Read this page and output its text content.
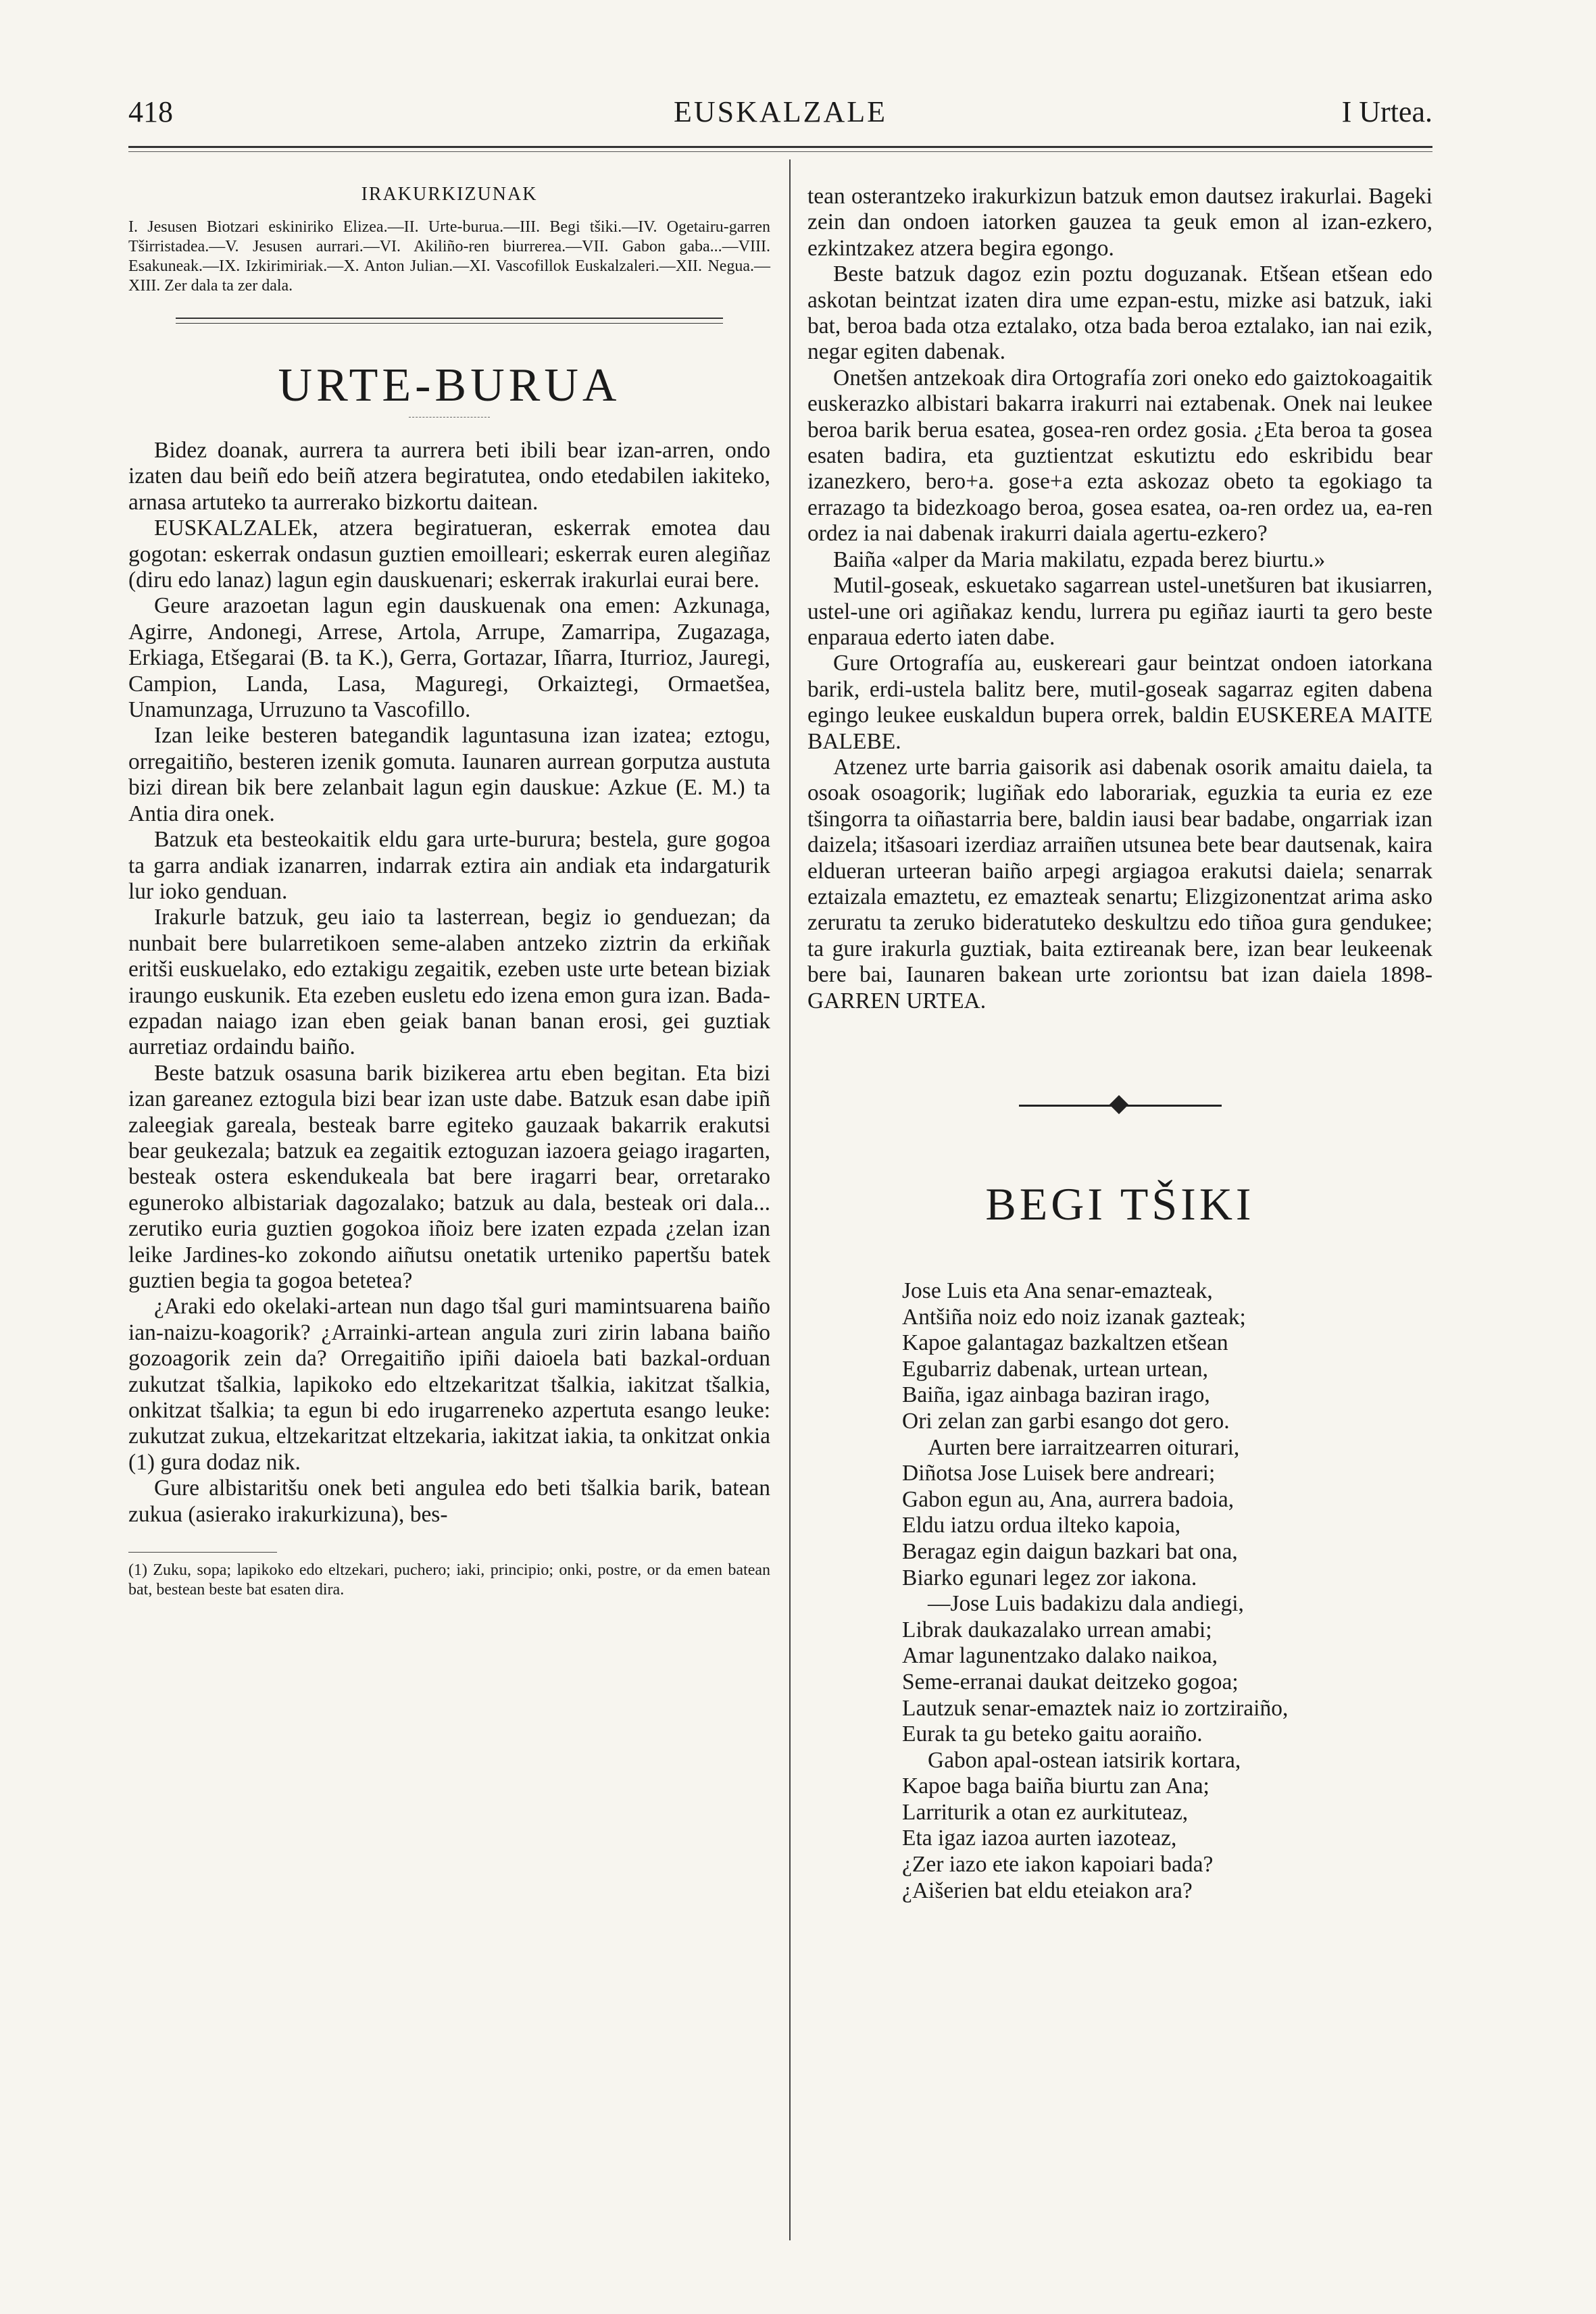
418	EUSKALZALE	I Urtea.
IRAKURKIZUNAK

I. Jesusen Biotzari eskiniriko Elizea.—II. Urte-burua.—III. Begi tšiki.—IV. Ogetairu-garren Tširristadea.—V. Jesusen aurrari.—VI. Akiliño-ren biurrerea.—VII. Gabon gaba...—VIII. Esakuneak.—IX. Izkirimiriak.—X. Anton Julian.—XI. Vascofillok Euskalzaleri.—XII. Negua.—XIII. Zer dala ta zer dala.

URTE-BURUA

Bidez doanak, aurrera ta aurrera beti ibili bear izan-arren, ondo izaten dau beiñ edo beiñ atzera begiratutea, ondo etedabilen iakiteko, arnasa artuteko ta aurrerako bizkortu daitean.

EUSKALZALEk, atzera begiratueran, eskerrak emotea dau gogotan: eskerrak ondasun guztien emoilleari; eskerrak euren alegiñaz (diru edo lanaz) lagun egin dauskuenari; eskerrak irakurlai eurai bere.

Geure arazoetan lagun egin dauskuenak ona emen: Azkunaga, Agirre, Andonegi, Arrese, Artola, Arrupe, Zamarripa, Zugazaga, Erkiaga, Etšegarai (B. ta K.), Gerra, Gortazar, Iñarra, Iturrioz, Jauregi, Campion, Landa, Lasa, Maguregi, Orkaiztegi, Ormaetšea, Unamunzaga, Urruzuno ta Vascofillo.

Izan leike besteren bategandik laguntasuna izan izatea; eztogu, orregaitiño, besteren izenik gomuta. Iaunaren aurrean gorputza austuta bizi direan bik bere zelanbait lagun egin dauskue: Azkue (E. M.) ta Antia dira onek.

Batzuk eta besteokaitik eldu gara urte-burura; bestela, gure gogoa ta garra andiak izanarren, indarrak eztira ain andiak eta indargaturik lur ioko genduan.

Irakurle batzuk, geu iaio ta lasterrean, begiz io genduezan; da nunbait bere bularretikoen seme-alaben antzeko ziztrin da erkiñak eritši euskuelako, edo eztakigu zegaitik, ezeben uste urte betean biziak iraungo euskunik. Eta ezeben eusletu edo izena emon gura izan. Bada-ezpadan naiago izan eben geiak banan banan erosi, gei guztiak aurretiaz ordaindu baiño.

Beste batzuk osasuna barik bizikerea artu eben begitan. Eta bizi izan gareanez eztogula bizi bear izan uste dabe. Batzuk esan dabe ipiñ zaleegiak gareala, besteak barre egiteko gauzaak bakarrik erakutsi bear geukezala; batzuk ea zegaitik eztoguzan iazoera geiago iragarten, besteak ostera eskendukeala bat bere iragarri bear, orretarako eguneroko albistariak dagozalako; batzuk au dala, besteak ori dala... zerutiko euria guztien gogokoa iñoiz bere izaten ezpada ¿zelan izan leike Jardines-ko zokondo aiñutsu onetatik urteniko papertšu batek guztien begia ta gogoa betetea?

¿Araki edo okelaki-artean nun dago tšal guri mamintsuarena baiño ian-naizu-koagorik? ¿Arrainki-artean angula zuri zirin labana baiño gozoagorik zein da? Orregaitiño ipiñi daioela bati bazkal-orduan zukutzat tšalkia, lapikoko edo eltzekaritzat tšalkia, iakitzat tšalkia, onkitzat tšalkia; ta egun bi edo irugarreneko azpertuta esango leuke: zukutzat zukua, eltzekaritzat eltzekaria, iakitzat iakia, ta onkitzat onkia (1) gura dodaz nik.

Gure albistaritšu onek beti angulea edo beti tšalkia barik, batean zukua (asierako irakurkizuna), bes-

(1) Zuku, sopa; lapikoko edo eltzekari, puchero; iaki, principio; onki, postre, or da emen batean bat, bestean beste bat esaten dira.

tean osterantzeko irakurkizun batzuk emon dautsez irakurlai. Bageki zein dan ondoen iatorken gauzea ta geuk emon al izan-ezkero, ezkintzakez atzera begira egongo.

Beste batzuk dagoz ezin poztu doguzanak. Etšean etšean edo askotan beintzat izaten dira ume ezpan-estu, mizke asi batzuk, iaki bat, beroa bada otza eztalako, otza bada beroa eztalako, ian nai ezik, negar egiten dabenak.

Onetšen antzekoak dira Ortografía zori oneko edo gaiztokoagaitik euskerazko albistari bakarra irakurri nai eztabenak. Onek nai leukee beroa barik berua esatea, gosea-ren ordez gosia. ¿Eta beroa ta gosea esaten badira, eta guztientzat eskutiztu edo eskribidu bear izanezkero, bero+a. gose+a ezta askozaz obeto ta egokiago ta errazago ta bidezkoago beroa, gosea esatea, oa-ren ordez ua, ea-ren ordez ia nai dabenak irakurri daiala agertu-ezkero?

Baiña «alper da Maria makilatu, ezpada berez biurtu.»

Mutil-goseak, eskuetako sagarrean ustel-unetšuren bat ikusiarren, ustel-une ori agiñakaz kendu, lurrera pu egiñaz iaurti ta gero beste enparaua ederto iaten dabe.

Gure Ortografía au, euskereari gaur beintzat ondoen iatorkana barik, erdi-ustela balitz bere, mutil-goseak sagarraz egiten dabena egingo leukee euskaldun bupera orrek, baldin EUSKEREA MAITE BALEBE.

Atzenez urte barria gaisorik asi dabenak osorik amaitu daiela, ta osoak osoagorik; lugiñak edo laborariak, eguzkia ta euria ez eze tšingorra ta oiñastarria bere, baldin iausi bear badabe, ongarriak izan daizela; itšasoari izerdiaz arraiñen utsunea bete bear dautsenak, kaira eldueran urteeran baiño arpegi argiagoa erakutsi daiela; senarrak eztaizala emaztetu, ez emazteak senartu; Elizgizonentzat arima asko zeruratu ta zeruko bideratuteko deskultzu edo tiñoa gura gendukee; ta gure irakurla guztiak, baita eztireanak bere, izan bear leukeenak bere bai, Iaunaren bakean urte zoriontsu bat izan daiela 1898-GARREN URTEA.

BEGI TŠIKI
Jose Luis eta Ana senar-emazteak,
Antšiña noiz edo noiz izanak gazteak;
Kapoe galantagaz bazkaltzen etšean
Egubarriz dabenak, urtean urtean,
Baiña, igaz ainbaga baziran irago,
Ori zelan zan garbi esango dot gero.
Aurten bere iarraitzearren oiturari,
Diñotsa Jose Luisek bere andreari;
Gabon egun au, Ana, aurrera badoia,
Eldu iatzu ordua ilteko kapoia,
Beragaz egin daigun bazkari bat ona,
Biarko egunari legez zor iakona.
—Jose Luis badakizu dala andiegi,
Librak daukazalako urrean amabi;
Amar lagunentzako dalako naikoa,
Seme-erranai daukat deitzeko gogoa;
Lautzuk senar-emaztek naiz io zortziraiño,
Eurak ta gu beteko gaitu aoraiño.
Gabon apal-ostean iatsirik kortara,
Kapoe baga baiña biurtu zan Ana;
Larriturik a otan ez aurkituteaz,
Eta igaz iazoa aurten iazoteaz,
¿Zer iazo ete iakon kapoiari bada?
¿Aišerien bat eldu eteiakon ara?
